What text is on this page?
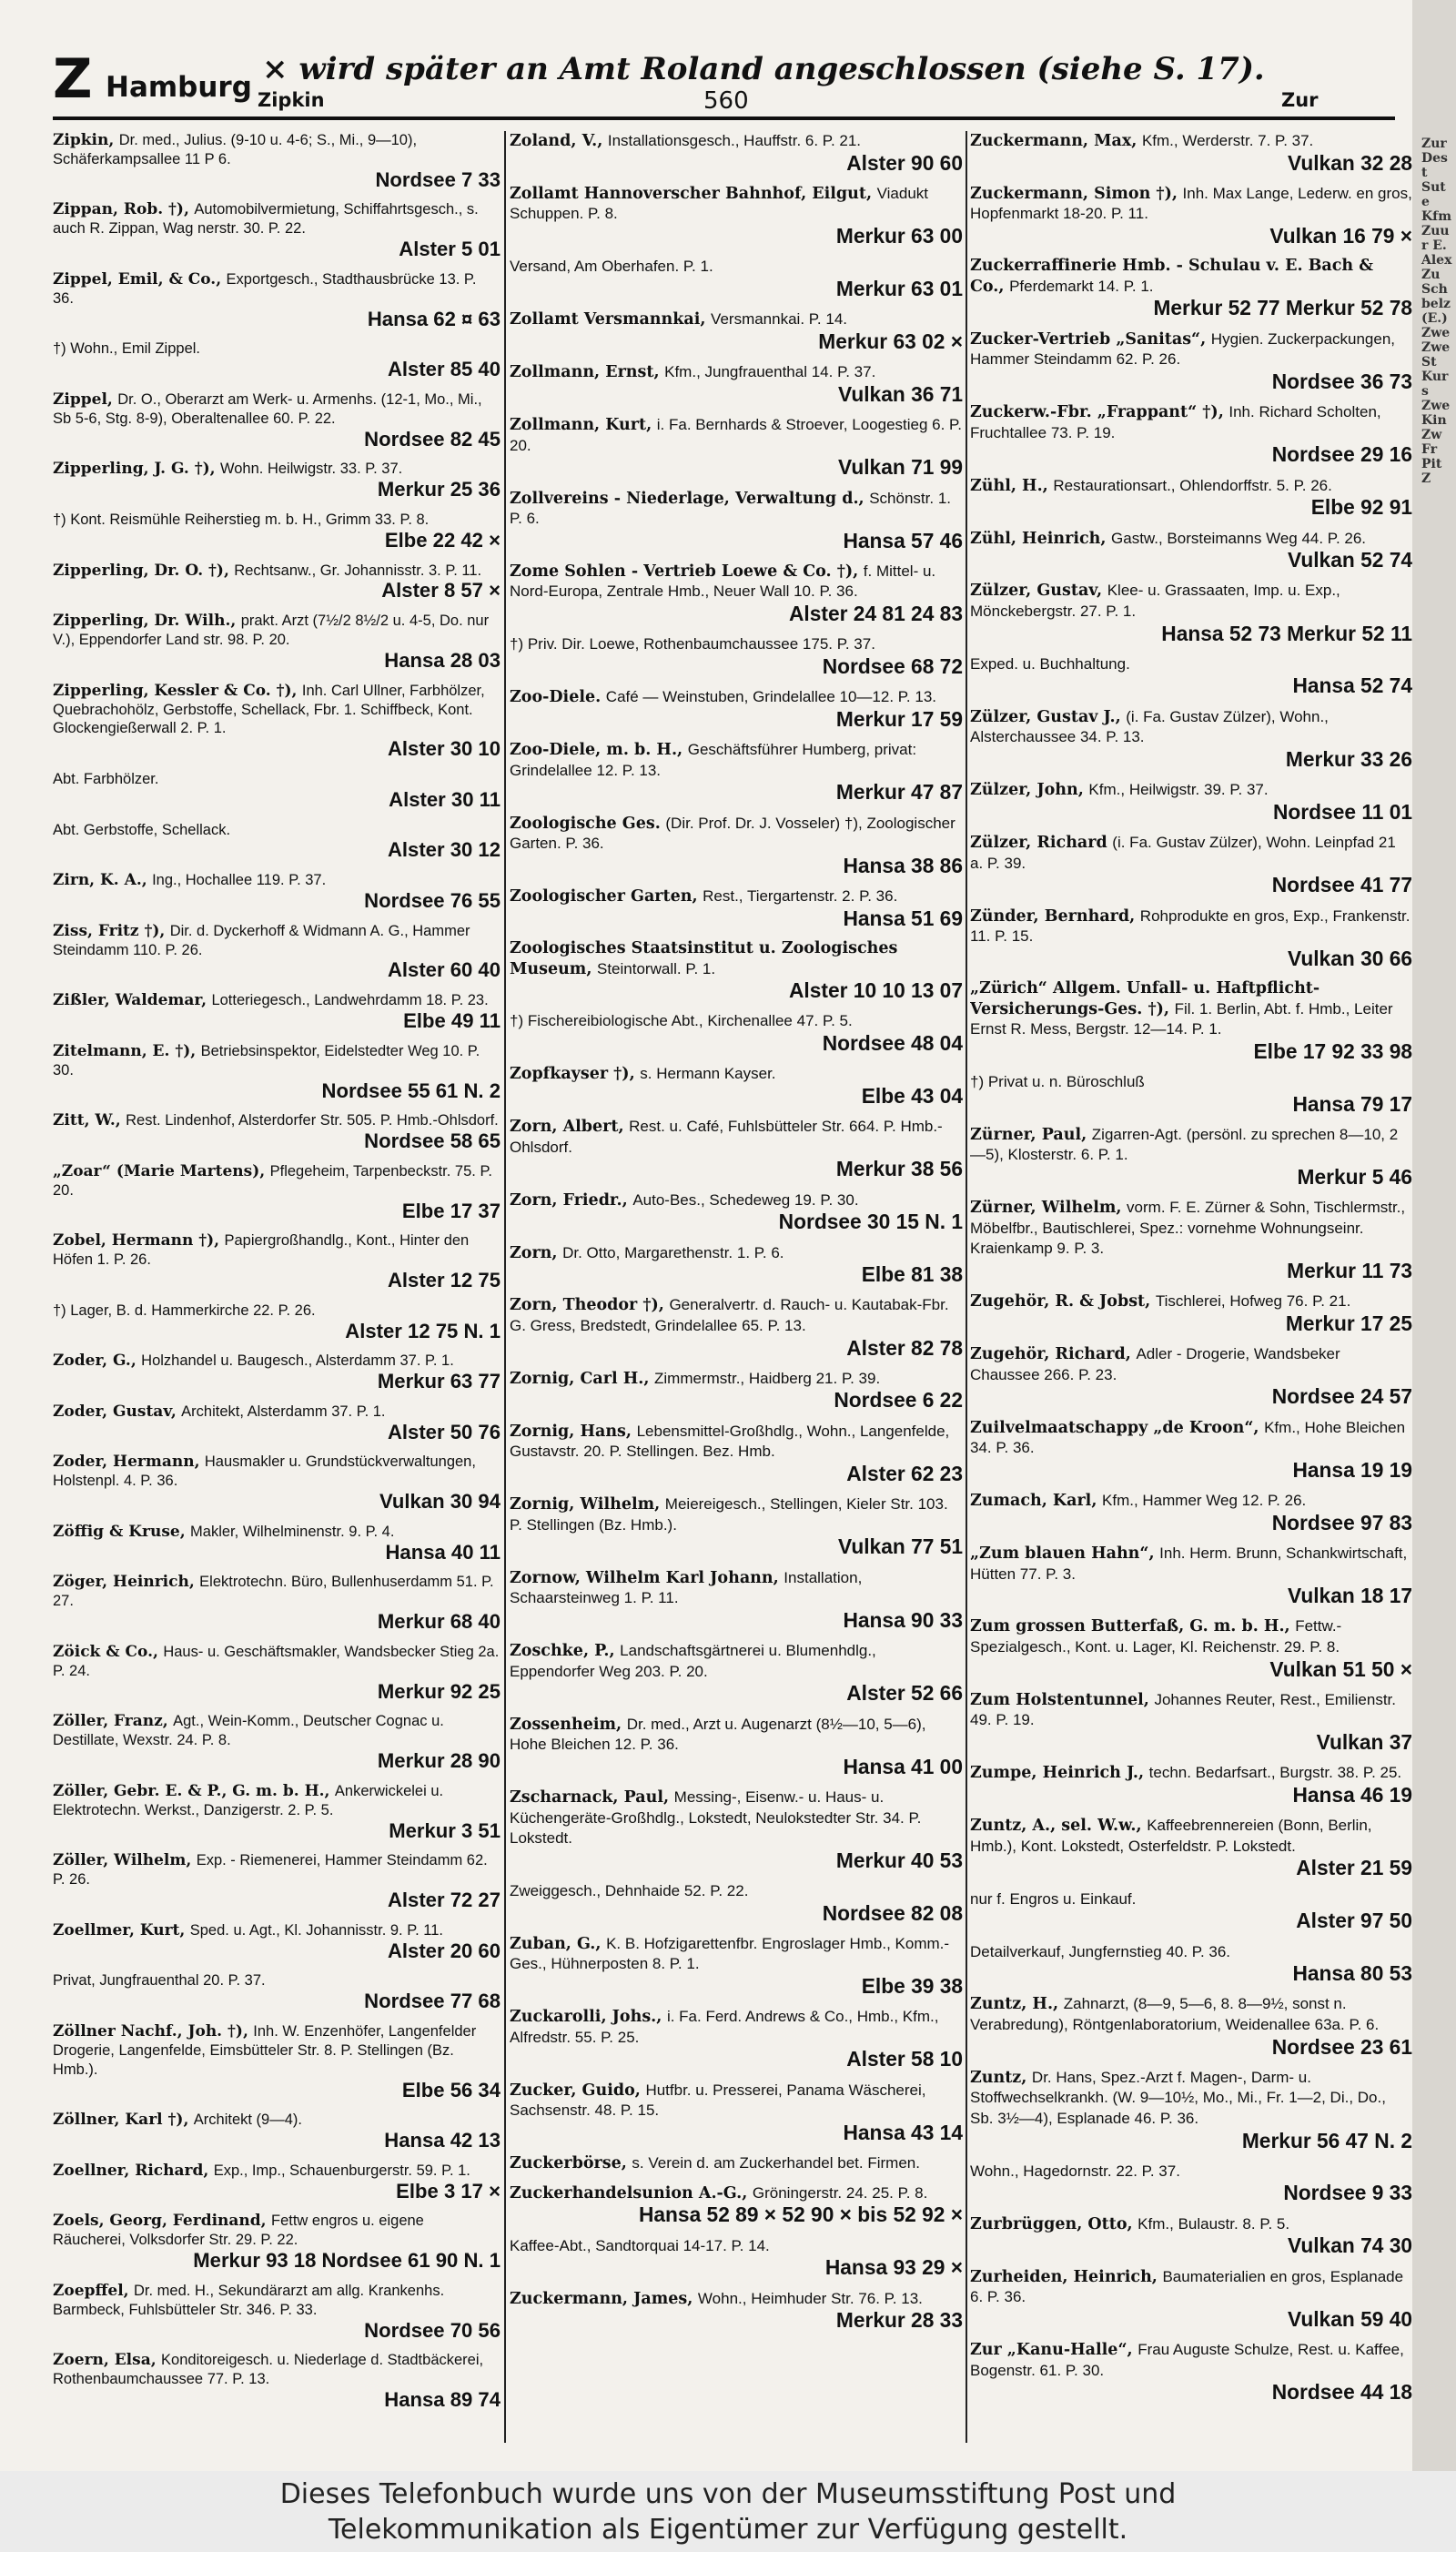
Z Hamburg × wird später an Amt Roland angeschlossen (siehe S. 17).
Zipkin	560	Zur
Zipkin, Dr. med., Julius. (9-10 u. 4-6; S., Mi., 9—10), Schäferkampsallee 11 P 6.
Nordsee 7 33
Zippan, Rob. †), Automobilvermietung, Schiffahrtsgesch., s. auch R. Zippan, Wag nerstr. 30. P. 22.
Alster 5 01
Zippel, Emil, & Co., Exportgesch., Stadthausbrücke 13. P. 36.
Hansa 62 ¤ 63
†) Wohn., Emil Zippel.
Alster 85 40
Zippel, Dr. O., Oberarzt am Werk- u. Armenhs. (12-1, Mo., Mi., Sb 5-6, Stg. 8-9), Oberaltenallee 60. P. 22.
Nordsee 82 45
Zipperling, J. G. †), Wohn. Heilwigstr. 33. P. 37.
Merkur 25 36
†) Kont. Reismühle Reiherstieg m. b. H., Grimm 33. P. 8.
Elbe 22 42 ×
Zipperling, Dr. O. †), Rechtsanw., Gr. Johannisstr. 3. P. 11.
Alster 8 57 ×
Zipperling, Dr. Wilh., prakt. Arzt (7½/2 8½/2 u. 4-5, Do. nur V.), Eppendorfer Land str. 98. P. 20.
Hansa 28 03
Zipperling, Kessler & Co. †), Inh. Carl Ullner, Farbhölzer, Quebrachohölz, Gerbstoffe, Schellack, Fbr. 1. Schiffbeck, Kont. Glockengießerwall 2. P. 1.
Alster 30 10
Abt. Farbhölzer.
Alster 30 11
Abt. Gerbstoffe, Schellack.
Alster 30 12
Zirn, K. A., Ing., Hochallee 119. P. 37.
Nordsee 76 55
Ziss, Fritz †), Dir. d. Dyckerhoff & Widmann A. G., Hammer Steindamm 110. P. 26.
Alster 60 40
Zißler, Waldemar, Lotteriegesch., Landwehrdamm 18. P. 23.
Elbe 49 11
Zitelmann, E. †), Betriebsinspektor, Eidelstedter Weg 10. P. 30.
Nordsee 55 61 N. 2
Zitt, W., Rest. Lindenhof, Alsterdorfer Str. 505. P. Hmb.-Ohlsdorf.
Nordsee 58 65
„Zoar“ (Marie Martens), Pflegeheim, Tarpenbeckstr. 75. P. 20.
Elbe 17 37
Zobel, Hermann †), Papiergroßhandlg., Kont., Hinter den Höfen 1. P. 26.
Alster 12 75
†) Lager, B. d. Hammerkirche 22. P. 26.
Alster 12 75 N. 1
Zoder, G., Holzhandel u. Baugesch., Alsterdamm 37. P. 1.
Merkur 63 77
Zoder, Gustav, Architekt, Alsterdamm 37. P. 1.
Alster 50 76
Zoder, Hermann, Hausmakler u. Grundstückverwaltungen, Holstenpl. 4. P. 36.
Vulkan 30 94
Zöffig & Kruse, Makler, Wilhelminenstr. 9. P. 4.
Hansa 40 11
Zöger, Heinrich, Elektrotechn. Büro, Bullenhuserdamm 51. P. 27.
Merkur 68 40
Zöick & Co., Haus- u. Geschäftsmakler, Wandsbecker Stieg 2a. P. 24.
Merkur 92 25
Zöller, Franz, Agt., Wein-Komm., Deutscher Cognac u. Destillate, Wexstr. 24. P. 8.
Merkur 28 90
Zöller, Gebr. E. & P., G. m. b. H., Ankerwickelei u. Elektrotechn. Werkst., Danzigerstr. 2. P. 5.
Merkur 3 51
Zöller, Wilhelm, Exp. - Riemenerei, Hammer Steindamm 62. P. 26.
Alster 72 27
Zoellmer, Kurt, Sped. u. Agt., Kl. Johannisstr. 9. P. 11.
Alster 20 60
Privat, Jungfrauenthal 20. P. 37.
Nordsee 77 68
Zöllner Nachf., Joh. †), Inh. W. Enzenhöfer, Langenfelder Drogerie, Langenfelde, Eimsbütteler Str. 8. P. Stellingen (Bz. Hmb.).
Elbe 56 34
Zöllner, Karl †), Architekt (9—4).
Hansa 42 13
Zoellner, Richard, Exp., Imp., Schauenburgerstr. 59. P. 1.
Elbe 3 17 ×
Zoels, Georg, Ferdinand, Fettw engros u. eigene Räucherei, Volksdorfer Str. 29. P. 22.
Merkur 93 18 Nordsee 61 90 N. 1
Zoepffel, Dr. med. H., Sekundärarzt am allg. Krankenhs. Barmbeck, Fuhlsbütteler Str. 346. P. 33.
Nordsee 70 56
Zoern, Elsa, Konditoreigesch. u. Niederlage d. Stadtbäckerei, Rothenbaumchaussee 77. P. 13.
Hansa 89 74
Zoland, V., Installationsgesch., Hauffstr. 6. P. 21.
Alster 90 60
Zollamt Hannoverscher Bahnhof, Eilgut, Viadukt Schuppen. P. 8.
Merkur 63 00
Versand, Am Oberhafen. P. 1.
Merkur 63 01
Zollamt Versmannkai, Versmannkai. P. 14.
Merkur 63 02 ×
Zollmann, Ernst, Kfm., Jungfrauenthal 14. P. 37.
Vulkan 36 71
Zollmann, Kurt, i. Fa. Bernhards & Stroever, Loogestieg 6. P. 20.
Vulkan 71 99
Zollvereins - Niederlage, Verwaltung d., Schönstr. 1. P. 6.
Hansa 57 46
Zome Sohlen - Vertrieb Loewe & Co. †), f. Mittel- u. Nord-Europa, Zentrale Hmb., Neuer Wall 10. P. 36.
Alster 24 81 24 83
†) Priv. Dir. Loewe, Rothenbaumchaussee 175. P. 37.
Nordsee 68 72
Zoo-Diele. Café — Weinstuben, Grindelallee 10—12. P. 13.
Merkur 17 59
Zoo-Diele, m. b. H., Geschäftsführer Humberg, privat: Grindelallee 12. P. 13.
Merkur 47 87
Zoologische Ges. (Dir. Prof. Dr. J. Vosseler) †), Zoologischer Garten. P. 36.
Hansa 38 86
Zoologischer Garten, Rest., Tiergartenstr. 2. P. 36.
Hansa 51 69
Zoologisches Staatsinstitut u. Zoologisches Museum, Steintorwall. P. 1.
Alster 10 10 13 07
†) Fischereibiologische Abt., Kirchenallee 47. P. 5.
Nordsee 48 04
Zopfkayser †), s. Hermann Kayser.
Elbe 43 04
Zorn, Albert, Rest. u. Café, Fuhlsbütteler Str. 664. P. Hmb.-Ohlsdorf.
Merkur 38 56
Zorn, Friedr., Auto-Bes., Schedeweg 19. P. 30.
Nordsee 30 15 N. 1
Zorn, Dr. Otto, Margarethenstr. 1. P. 6.
Elbe 81 38
Zorn, Theodor †), Generalvertr. d. Rauch- u. Kautabak-Fbr. G. Gress, Bredstedt, Grindelallee 65. P. 13.
Alster 82 78
Zornig, Carl H., Zimmermstr., Haidberg 21. P. 39.
Nordsee 6 22
Zornig, Hans, Lebensmittel-Großhdlg., Wohn., Langenfelde, Gustavstr. 20. P. Stellingen. Bez. Hmb.
Alster 62 23
Zornig, Wilhelm, Meiereigesch., Stellingen, Kieler Str. 103. P. Stellingen (Bz. Hmb.).
Vulkan 77 51
Zornow, Wilhelm Karl Johann, Installation, Schaarsteinweg 1. P. 11.
Hansa 90 33
Zoschke, P., Landschaftsgärtnerei u. Blumenhdlg., Eppendorfer Weg 203. P. 20.
Alster 52 66
Zossenheim, Dr. med., Arzt u. Augenarzt (8½—10, 5—6), Hohe Bleichen 12. P. 36.
Hansa 41 00
Zscharnack, Paul, Messing-, Eisenw.- u. Haus- u. Küchengeräte-Großhdlg., Lokstedt, Neulokstedter Str. 34. P. Lokstedt.
Merkur 40 53
Zweiggesch., Dehnhaide 52. P. 22.
Nordsee 82 08
Zuban, G., K. B. Hofzigarettenfbr. Engroslager Hmb., Komm.-Ges., Hühnerposten 8. P. 1.
Elbe 39 38
Zuckarolli, Johs., i. Fa. Ferd. Andrews & Co., Hmb., Kfm., Alfredstr. 55. P. 25.
Alster 58 10
Zucker, Guido, Hutfbr. u. Presserei, Panama Wäscherei, Sachsenstr. 48. P. 15.
Hansa 43 14
Zuckerbörse, s. Verein d. am Zuckerhandel bet. Firmen.
Zuckerhandelsunion A.-G., Gröningerstr. 24. 25. P. 8.
Hansa 52 89 × 52 90 × bis 52 92 ×
Kaffee-Abt., Sandtorquai 14-17. P. 14.
Hansa 93 29 ×
Zuckermann, James, Wohn., Heimhuder Str. 76. P. 13.
Merkur 28 33
Zuckermann, Max, Kfm., Werderstr. 7. P. 37.
Vulkan 32 28
Zuckermann, Simon †), Inh. Max Lange, Lederw. en gros, Hopfenmarkt 18-20. P. 11.
Vulkan 16 79 ×
Zuckerraffinerie Hmb. - Schulau v. E. Bach & Co., Pferdemarkt 14. P. 1.
Merkur 52 77 Merkur 52 78
Zucker-Vertrieb „Sanitas“, Hygien. Zuckerpackungen, Hammer Steindamm 62. P. 26.
Nordsee 36 73
Zuckerw.-Fbr. „Frappant“ †), Inh. Richard Scholten, Fruchtallee 73. P. 19.
Nordsee 29 16
Zühl, H., Restaurationsart., Ohlendorffstr. 5. P. 26.
Elbe 92 91
Zühl, Heinrich, Gastw., Borsteimanns Weg 44. P. 26.
Vulkan 52 74
Zülzer, Gustav, Klee- u. Grassaaten, Imp. u. Exp., Mönckebergstr. 27. P. 1.
Hansa 52 73 Merkur 52 11
Exped. u. Buchhaltung.
Hansa 52 74
Zülzer, Gustav J., (i. Fa. Gustav Zülzer), Wohn., Alsterchaussee 34. P. 13.
Merkur 33 26
Zülzer, John, Kfm., Heilwigstr. 39. P. 37.
Nordsee 11 01
Zülzer, Richard (i. Fa. Gustav Zülzer), Wohn. Leinpfad 21 a. P. 39.
Nordsee 41 77
Zünder, Bernhard, Rohprodukte en gros, Exp., Frankenstr. 11. P. 15.
Vulkan 30 66
„Zürich“ Allgem. Unfall- u. Haftpflicht-Versicherungs-Ges. †), Fil. 1. Berlin, Abt. f. Hmb., Leiter Ernst R. Mess, Bergstr. 12—14. P. 1.
Elbe 17 92 33 98
†) Privat u. n. Büroschluß
Hansa 79 17
Zürner, Paul, Zigarren-Agt. (persönl. zu sprechen 8—10, 2—5), Klosterstr. 6. P. 1.
Merkur 5 46
Zürner, Wilhelm, vorm. F. E. Zürner & Sohn, Tischlermstr., Möbelfbr., Bautischlerei, Spez.: vornehme Wohnungseinr. Kraienkamp 9. P. 3.
Merkur 11 73
Zugehör, R. & Jobst, Tischlerei, Hofweg 76. P. 21.
Merkur 17 25
Zugehör, Richard, Adler - Drogerie, Wandsbeker Chaussee 266. P. 23.
Nordsee 24 57
Zuilvelmaatschappy „de Kroon“, Kfm., Hohe Bleichen 34. P. 36.
Hansa 19 19
Zumach, Karl, Kfm., Hammer Weg 12. P. 26.
Nordsee 97 83
„Zum blauen Hahn“, Inh. Herm. Brunn, Schankwirtschaft, Hütten 77. P. 3.
Vulkan 18 17
Zum grossen Butterfaß, G. m. b. H., Fettw.-Spezialgesch., Kont. u. Lager, Kl. Reichenstr. 29. P. 8.
Vulkan 51 50 ×
Zum Holstentunnel, Johannes Reuter, Rest., Emilienstr. 49. P. 19.
Vulkan 37
Zumpe, Heinrich J., techn. Bedarfsart., Burgstr. 38. P. 25.
Hansa 46 19
Zuntz, A., sel. W.w., Kaffeebrennereien (Bonn, Berlin, Hmb.), Kont. Lokstedt, Osterfeldstr. P. Lokstedt.
Alster 21 59
nur f. Engros u. Einkauf.
Alster 97 50
Detailverkauf, Jungfernstieg 40. P. 36.
Hansa 80 53
Zuntz, H., Zahnarzt, (8—9, 5—6, 8. 8—9½, sonst n. Verabredung), Röntgenlaboratorium, Weidenallee 63a. P. 6.
Nordsee 23 61
Zuntz, Dr. Hans, Spez.-Arzt f. Magen-, Darm- u. Stoffwechselkrankh. (W. 9—10½, Mo., Mi., Fr. 1—2, Di., Do., Sb. 3½—4), Esplanade 46. P. 36.
Merkur 56 47 N. 2
Wohn., Hagedornstr. 22. P. 37.
Nordsee 9 33
Zurbrüggen, Otto, Kfm., Bulaustr. 8. P. 5.
Vulkan 74 30
Zurheiden, Heinrich, Baumaterialien en gros, Esplanade 6. P. 36.
Vulkan 59 40
Zur „Kanu-Halle“, Frau Auguste Schulze, Rest. u. Kaffee, Bogenstr. 61. P. 30.
Nordsee 44 18
Zur Dest Sute Kfm Zuur E. Alex Zu Sch belz (E.) Zwe Zwe St Kurs Zwe Kin Zw Fr Pit Z
Dieses Telefonbuch wurde uns von der Museumsstiftung Post und
Telekommunikation als Eigentümer zur Verfügung gestellt.
